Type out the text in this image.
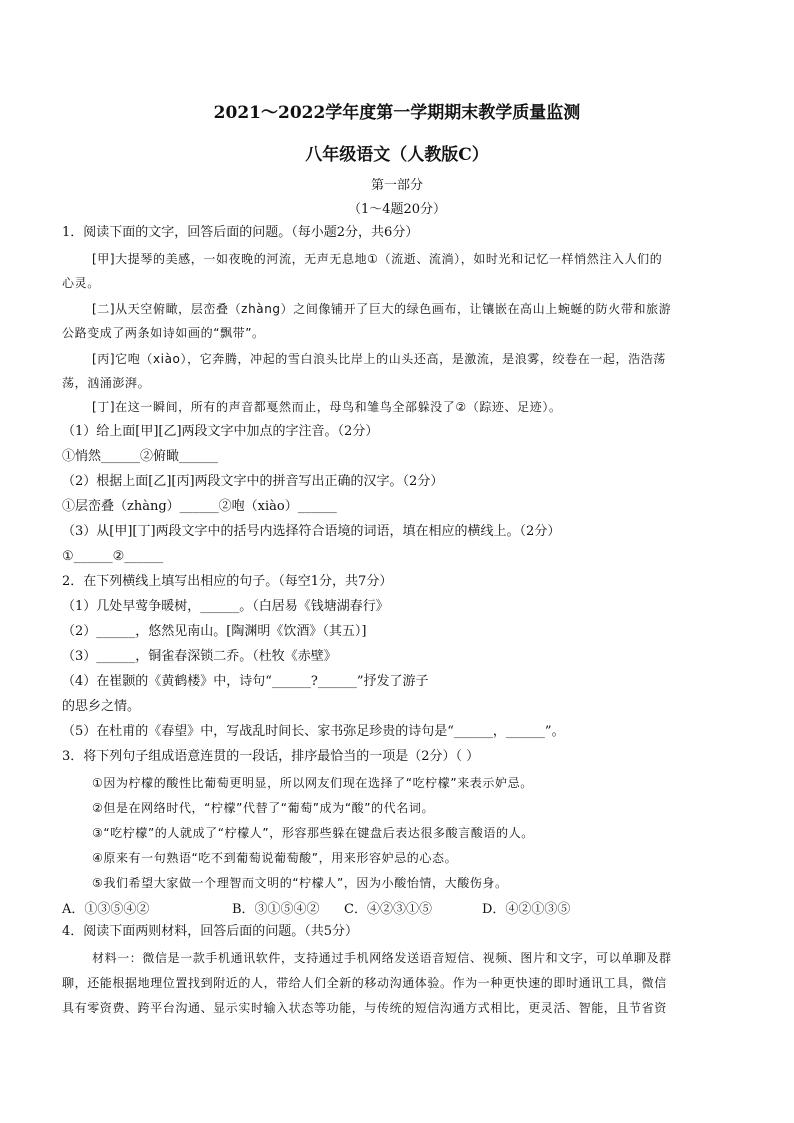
2021～2022学年度第一学期期末教学质量监测
八年级语文（人教版C）
第一部分
（1～4题20分）
1．阅读下面的文字，回答后面的问题。（每小题2分，共6分）
[甲]大提琴的美感，一如夜晚的河流，无声无息地①（流逝、流淌），如时光和记忆一样悄然注入人们的
心灵。
[二]从天空俯瞰，层峦叠（zhàng）之间像铺开了巨大的绿色画布，让镶嵌在高山上蜿蜒的防火带和旅游
公路变成了两条如诗如画的“飘带”。
[丙]它咆（xiào），它奔腾，冲起的雪白浪头比岸上的山头还高，是激流，是浪雾，绞卷在一起，浩浩荡
荡，汹涌澎湃。
[丁]在这一瞬间，所有的声音都戛然而止，母鸟和雏鸟全部躲没了②（踪迹、足迹）。
（1）给上面[甲][乙]两段文字中加点的字注音。（2分）
①悄然______②俯瞰______
（2）根据上面[乙][丙]两段文字中的拼音写出正确的汉字。（2分）
①层峦叠（zhàng）______②咆（xiào）______
（3）从[甲][丁]两段文字中的括号内选择符合语境的词语，填在相应的横线上。（2分）
①______②______
2．在下列横线上填写出相应的句子。（每空1分，共7分）
（1）几处早莺争暖树，______。（白居易《钱塘湖春行》
（2）______，悠然见南山。[陶渊明《饮酒》（其五）]
（3）______，铜雀春深锁二乔。（杜牧《赤壁》
（4）在崔颢的《黄鹤楼》中，诗句“______?______”抒发了游子
的思乡之情。
（5）在杜甫的《春望》中，写战乱时间长、家书弥足珍贵的诗句是“______，______”。
3．将下列句子组成语意连贯的一段话，排序最恰当的一项是（2分）（ ）
①因为柠檬的酸性比葡萄更明显，所以网友们现在选择了“吃柠檬”来表示妒忌。
②但是在网络时代，“柠檬”代替了“葡萄”成为“酸”的代名词。
③“吃柠檬”的人就成了“柠檬人”，形容那些躲在键盘后表达很多酸言酸语的人。
④原来有一句熟语“吃不到葡萄说葡萄酸”，用来形容妒忌的心态。
⑤我们希望大家做一个理智而文明的“柠檬人”，因为小酸怡情，大酸伤身。
A．①③⑤④②	B．③①⑤④② C．④②③①⑤	D．④②①③⑤
4．阅读下面两则材料，回答后面的问题。（共5分）
材料一：微信是一款手机通讯软件，支持通过手机网络发送语音短信、视频、图片和文字，可以单聊及群
聊，还能根据地理位置找到附近的人，带给人们全新的移动沟通体验。作为一种更快速的即时通讯工具，微信
具有零资费、跨平台沟通、显示实时输入状态等功能，与传统的短信沟通方式相比，更灵活、智能，且节省资
